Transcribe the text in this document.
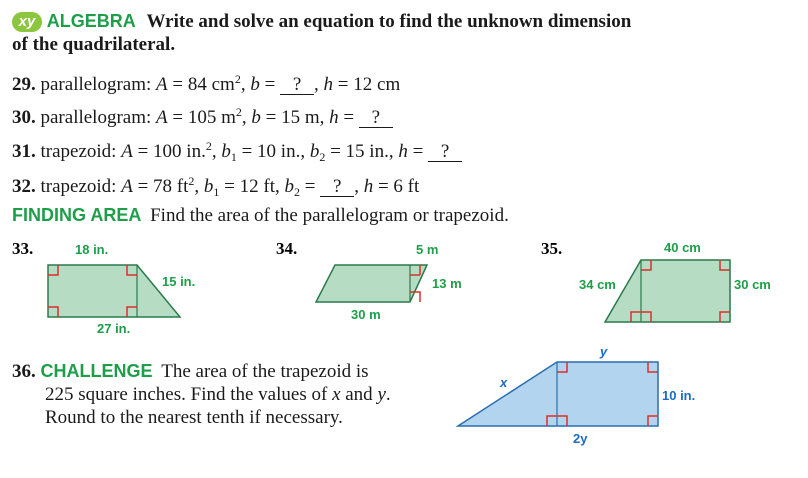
xy ALGEBRA Write and solve an equation to find the unknown dimension
of the quadrilateral.
29. parallelogram: A = 84 $cm^2$, b = ? , h = 12 cm
30. parallelogram: A = 105 $m^2$, b = 15 m, h = ?
31. trapezoid: A = 100 in.$^2$, $b_1 = 10$ in., $b_2 = 15$ in., h = ?
32. trapezoid: A = 78 $ft^2$, $b_1 = 12$ ft, $b_2$ = ? , h = 6 ft
FINDING AREA Find the area of the parallelogram or trapezoid.
33.	18 in.
15 in.
27 in.
34.	5 m
13 m
30 m
35.	40 cm
34 cm	30 cm
36. CHALLENGE The area of the trapezoid is
225 square inches. Find the values of x and y.
Round to the nearest tenth if necessary.
y
x
10 in.
2y
